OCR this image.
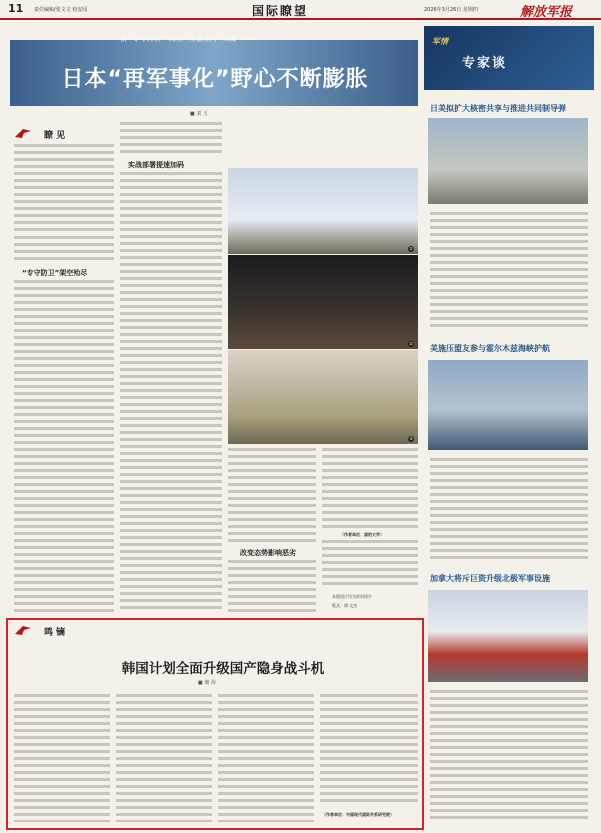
11 责任编辑/张文文 校安园	国际瞭望	2026年3月26日 星期四	解放军报
借 "专守防卫" "防卫" 力量走向 "实战" ——
日本“再军事化”野心不断膨胀
■ 刘 玉
瞭 见
实战部署提速加码
“专守防卫”架空殆尽
①
②
③
改变态势影响恶劣
（作者单位：国防大学）
本版图片均为资料图片
版式：谭 文杰
军情
专家谈
日美拟扩大核密共享与推进共同制导弹
美施压盟友参与霍尔木兹海峡护航
加拿大将斥巨资升级北极军事设施
鸣 镝
韩国计划全面升级国产隐身战斗机
■ 湘 海
（作者单位：中国现代国际关系研究院）
